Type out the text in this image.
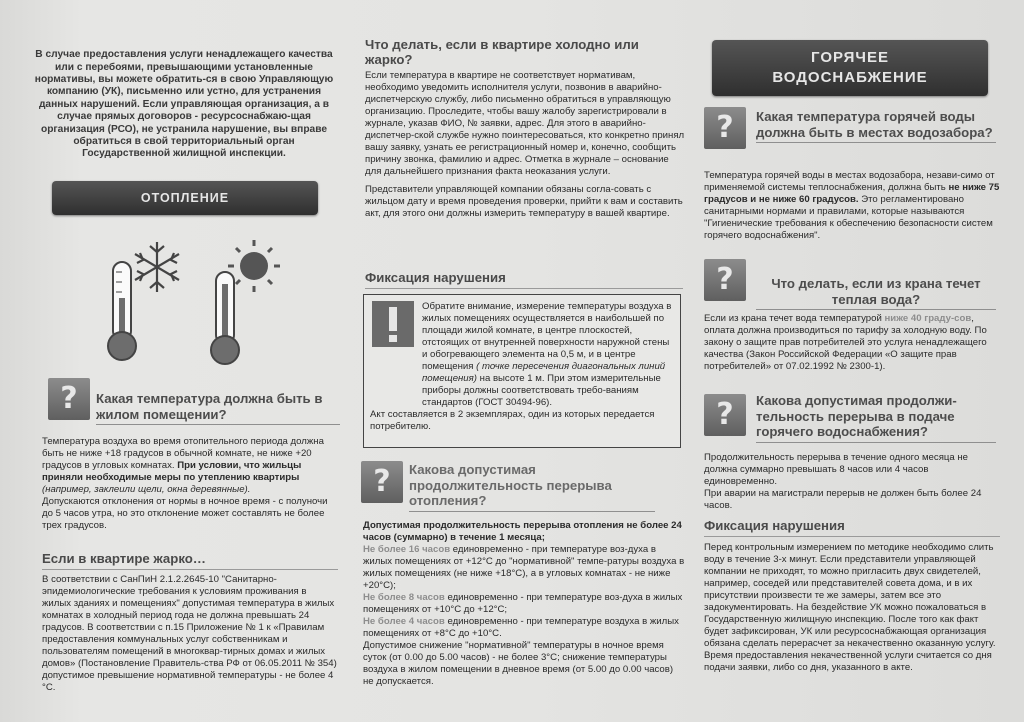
В случае предоставления услуги ненадлежащего качества или с перебоями, превышающими установленные нормативы, вы можете обратить-ся в свою Управляющую компанию (УК), письменно или устно, для устранения данных нарушений. Если управляющая организация, а в случае прямых договоров - ресурсоснабжаю-щая организация (РСО), не устранила нарушение, вы вправе обратиться в свой территориальный орган Государственной жилищной инспекции.

ОТОПЛЕНИЕ
?
Какая температура должна быть в жилом помещении?

Температура воздуха во время отопительного периода должна быть не ниже +18 градусов в обычной комнате, не ниже +20 градусов в угловых комнатах. При условии, что жильцы приняли необходимые меры по утеплению квартиры (например, заклеили щели, окна деревянные).

Допускаются отклонения от нормы в ночное время - с полуночи до 5 часов утра, но это отклонение может составлять не более трех градусов.

Если в квартире жарко…

В соответствии с СанПиН 2.1.2.2645-10 "Санитарно-эпидемиологические требования к условиям проживания в жилых зданиях и помещениях" допустимая температура в жилых комнатах в холодный период года не должна превышать 24 градусов. В соответствии с п.15 Приложение № 1 к «Правилам предоставления коммунальных услуг собственникам и пользователям помещений в многоквар-тирных домах и жилых домов» (Постановление Правитель-ства РФ от 06.05.2011 № 354) допустимое превышение нормативной температуры - не более 4 °С.

Что делать, если в квартире холодно или жарко?

Если температура в квартире не соответствует нормативам, необходимо уведомить исполнителя услуги, позвонив в аварийно-диспетчерскую службу, либо письменно обратиться в управляющую организацию. Проследите, чтобы вашу жалобу зарегистрировали в журнале, указав ФИО, № заявки, адрес. Для этого в аварийно-диспетчер-ской службе нужно поинтересоваться, кто конкретно принял вашу заявку, узнать ее регистрационный номер и, конечно, сообщить причину звонка, фамилию и адрес. Отметка в журнале – основание для дальнейшего признания факта неоказания услуги.

Представители управляющей компании обязаны согла-совать с жильцом дату и время проведения проверки, прийти к вам и составить акт, для этого они должны измерить температуру в вашей квартире.

Фиксация нарушения

Обратите внимание, измерение температуры воздуха в жилых помещениях осуществляется в наибольшей по площади жилой комнате, в центре плоскостей, отстоящих от внутренней поверхности наружной стены и обогревающего элемента на 0,5 м, и в центре помещения ( точке пересечения диагональных линий помещения) на высоте 1 м. При этом измерительные приборы должны соответствовать требо-ваниям стандартов (ГОСТ 30494-96).

Акт составляется в 2 экземплярах, один из которых передается потребителю.

?
Какова допустимая продолжительность перерыва отопления?

Допустимая продолжительность перерыва отопления не более 24 часов (суммарно) в течение 1 месяца;

Не более 16 часов единовременно - при температуре воз-духа в жилых помещениях от +12°С до "нормативной" темпе-ратуры воздуха в жилых помещениях (не ниже +18°С), а в угловых комнатах - не ниже +20°С);

Не более 8 часов единовременно - при температуре воз-духа в жилых помещениях от +10°С до +12°С;

Не более 4 часов единовременно - при температуре воздуха в жилых помещениях от +8°С до +10°С.

Допустимое снижение "нормативной" температуры в ночное время суток (от 0.00 до 5.00 часов) - не более 3°С; снижение температуры воздуха в жилом помещении в дневное время (от 5.00 до 0.00 часов) не допускается.

ГОРЯЧЕЕ ВОДОСНАБЖЕНИЕ
?
Какая температура горячей воды должна быть в местах водозабора?

Температура горячей воды в местах водозабора, незави-симо от применяемой системы теплоснабжения, должна быть не ниже 75 градусов и не ниже 60 градусов. Это регламентировано санитарными нормами и правилами, которые называются "Гигиенические требования к обеспечению безопасности систем горячего водоснабжения".

?
Что делать, если из крана течет теплая вода?

Если из крана течет вода температурой ниже 40 граду-сов, оплата должна производиться по тарифу за холодную воду. По закону о защите прав потребителей это услуга ненадлежащего качества (Закон Российской Федерации «О защите прав потребителей» от 07.02.1992 № 2300-1).

?
Какова допустимая продолжи-тельность перерыва в подаче горячего водоснабжения?

Продолжительность перерыва в течение одного месяца не должна суммарно превышать 8 часов или 4 часов единовременно.

При аварии на магистрали перерыв не должен быть более 24 часов.

Фиксация нарушения

Перед контрольным измерением по методике необходимо слить воду в течение 3-х минут. Если представители управляющей компании не приходят, то можно пригласить двух свидетелей, например, соседей или представителей совета дома, и в их присутствии произвести те же замеры, затем все это задокументировать. На бездействие УК можно пожаловаться в Государственную жилищную инспекцию. После того как факт будет зафиксирован, УК или ресурсоснабжающая организация обязана сделать перерасчет за некачественно оказанную услугу. Время предоставления некачественной услуги считается со дня подачи заявки, либо со дня, указанного в акте.
